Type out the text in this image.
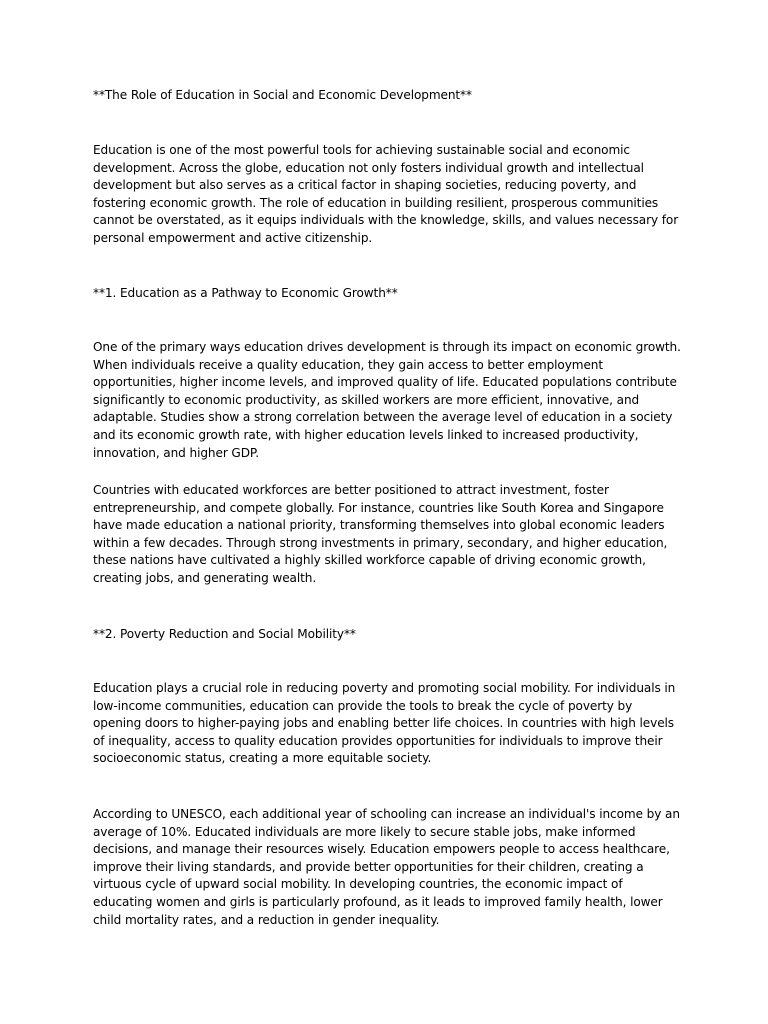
**The Role of Education in Social and Economic Development**

Education is one of the most powerful tools for achieving sustainable social and economic development. Across the globe, education not only fosters individual growth and intellectual development but also serves as a critical factor in shaping societies, reducing poverty, and fostering economic growth. The role of education in building resilient, prosperous communities cannot be overstated, as it equips individuals with the knowledge, skills, and values necessary for personal empowerment and active citizenship.

**1. Education as a Pathway to Economic Growth**

One of the primary ways education drives development is through its impact on economic growth. When individuals receive a quality education, they gain access to better employment opportunities, higher income levels, and improved quality of life. Educated populations contribute significantly to economic productivity, as skilled workers are more efficient, innovative, and adaptable. Studies show a strong correlation between the average level of education in a society and its economic growth rate, with higher education levels linked to increased productivity, innovation, and higher GDP.

Countries with educated workforces are better positioned to attract investment, foster entrepreneurship, and compete globally. For instance, countries like South Korea and Singapore have made education a national priority, transforming themselves into global economic leaders within a few decades. Through strong investments in primary, secondary, and higher education, these nations have cultivated a highly skilled workforce capable of driving economic growth, creating jobs, and generating wealth.

**2. Poverty Reduction and Social Mobility**

Education plays a crucial role in reducing poverty and promoting social mobility. For individuals in low-income communities, education can provide the tools to break the cycle of poverty by opening doors to higher-paying jobs and enabling better life choices. In countries with high levels of inequality, access to quality education provides opportunities for individuals to improve their socioeconomic status, creating a more equitable society.

According to UNESCO, each additional year of schooling can increase an individual's income by an average of 10%. Educated individuals are more likely to secure stable jobs, make informed decisions, and manage their resources wisely. Education empowers people to access healthcare, improve their living standards, and provide better opportunities for their children, creating a virtuous cycle of upward social mobility. In developing countries, the economic impact of educating women and girls is particularly profound, as it leads to improved family health, lower child mortality rates, and a reduction in gender inequality.
